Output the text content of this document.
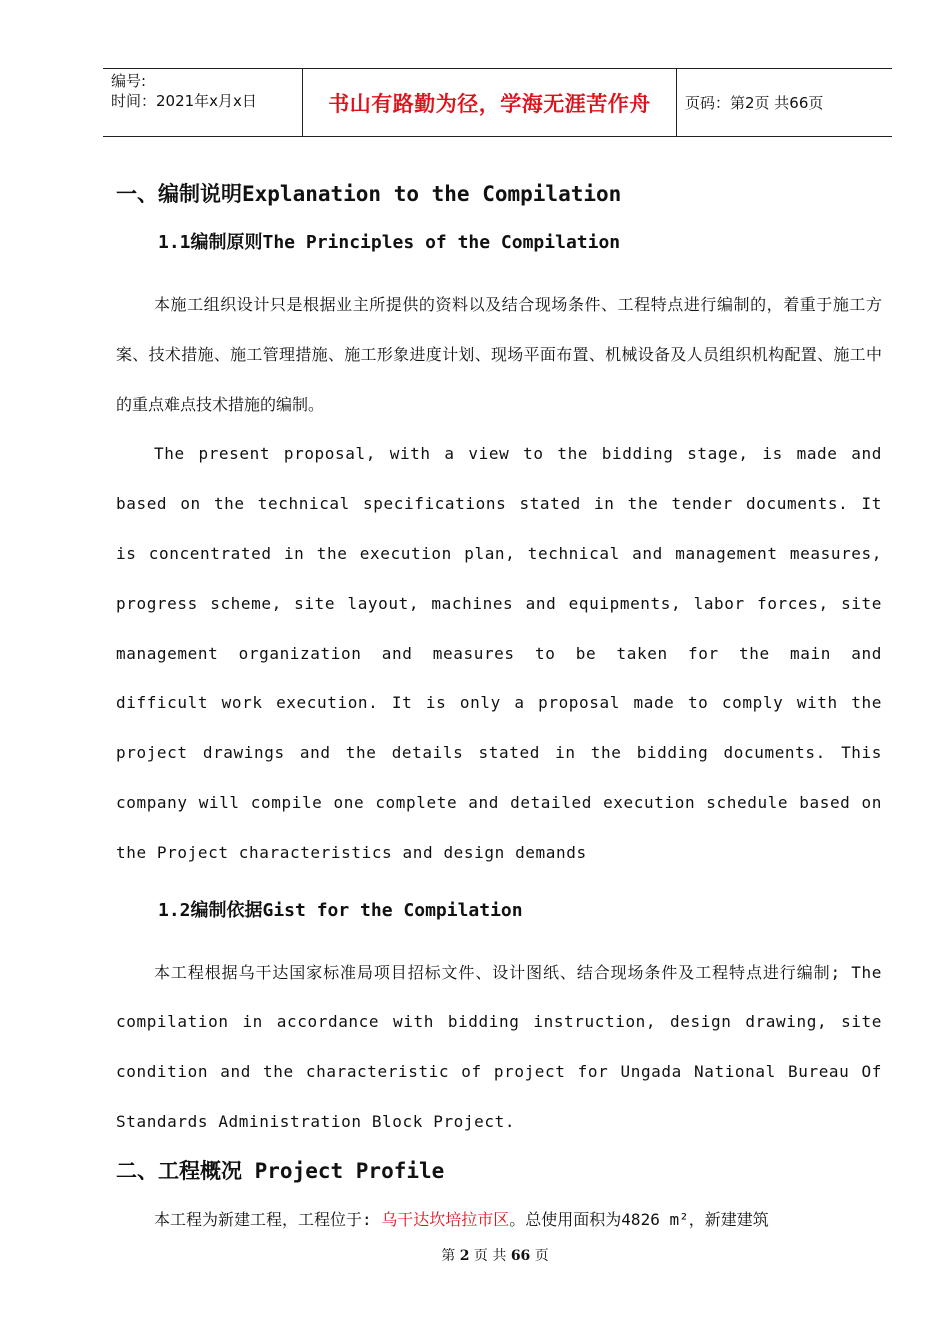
编号:
时间：2021年x月x日	书山有路勤为径，学海无涯苦作舟	页码：第2页 共66页
一、编制说明Explanation to the Compilation
1.1编制原则The Principles of the Compilation

本施工组织设计只是根据业主所提供的资料以及结合现场条件、工程特点进行编制的，着重于施工方案、技术措施、施工管理措施、施工形象进度计划、现场平面布置、机械设备及人员组织机构配置、施工中的重点难点技术措施的编制。

The present proposal, with a view to the bidding stage, is made and based on the technical specifications stated in the tender documents. It is concentrated in the execution plan, technical and management measures, progress scheme, site layout, machines and equipments, labor forces, site management organization and measures to be taken for the main and difficult work execution. It is only a proposal made to comply with the project drawings and the details stated in the bidding documents. This company will compile one complete and detailed execution schedule based on the Project characteristics and design demands

1.2编制依据Gist for the Compilation

本工程根据乌干达国家标准局项目招标文件、设计图纸、结合现场条件及工程特点进行编制; The compilation in accordance with bidding instruction, design drawing, site condition and the characteristic of project for Ungada National Bureau Of Standards Administration Block Project.

二、工程概况 Project Profile

本工程为新建工程，工程位于: 乌干达坎培拉市区。总使用面积为4826 m²，新建建筑

第 2 页 共 66 页
